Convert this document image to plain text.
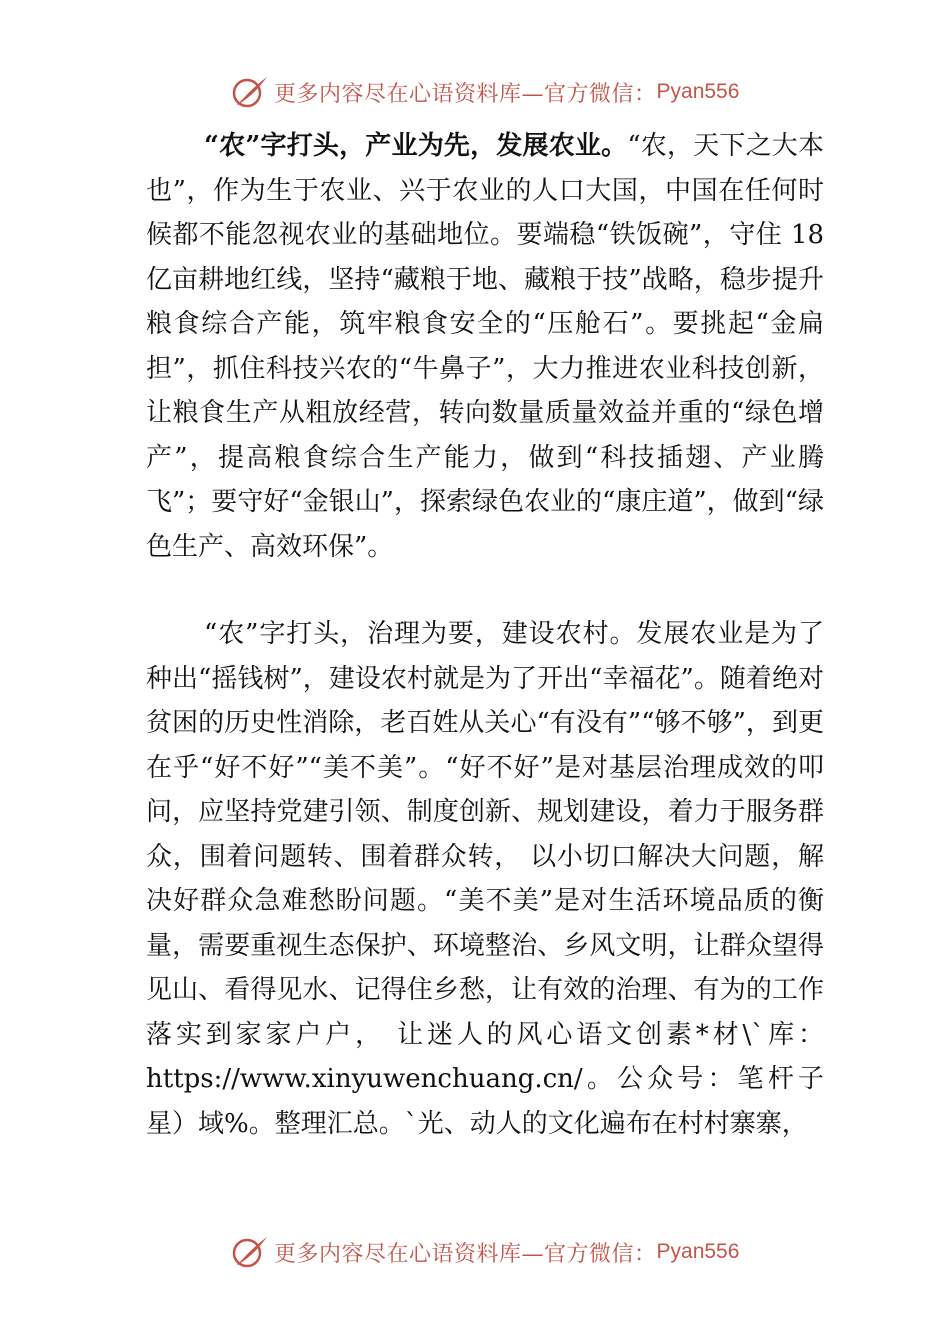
更多内容尽在心语资料库—官方微信： Pyan556
“农”字打头，产业为先，发展农业。“农，天下之大本也”，作为生于农业、兴于农业的人口大国，中国在任何时候都不能忽视农业的基础地位。要端稳“铁饭碗”，守住 18 亿亩耕地红线，坚持“藏粮于地、藏粮于技”战略，稳步提升粮食综合产能，筑牢粮食安全的“压舱石”。要挑起“金扁担”，抓住科技兴农的“牛鼻子”，大力推进农业科技创新，让粮食生产从粗放经营，转向数量质量效益并重的“绿色增产”，提高粮食综合生产能力，做到“科技插翅、产业腾飞”；要守好“金银山”，探索绿色农业的“康庄道”，做到“绿色生产、高效环保”。
“农”字打头，治理为要，建设农村。发展农业是为了种出“摇钱树”，建设农村就是为了开出“幸福花”。随着绝对贫困的历史性消除，老百姓从关心“有没有”“够不够”，到更在乎“好不好”“美不美”。“好不好”是对基层治理成效的叩问，应坚持党建引领、制度创新、规划建设，着力于服务群众，围着问题转、围着群众转， 以小切口解决大问题，解决好群众急难愁盼问题。“美不美”是对生活环境品质的衡量，需要重视生态保护、环境整治、乡风文明，让群众望得见山、看得见水、记得住乡愁，让有效的治理、有为的工作落实到家家户户， 让迷人的风心语文创素*材\`库：https://www.xinyuwenchuang.cn/。公众号：笔杆子星）域%。整理汇总。`光、动人的文化遍布在村村寨寨，
更多内容尽在心语资料库—官方微信： Pyan556
